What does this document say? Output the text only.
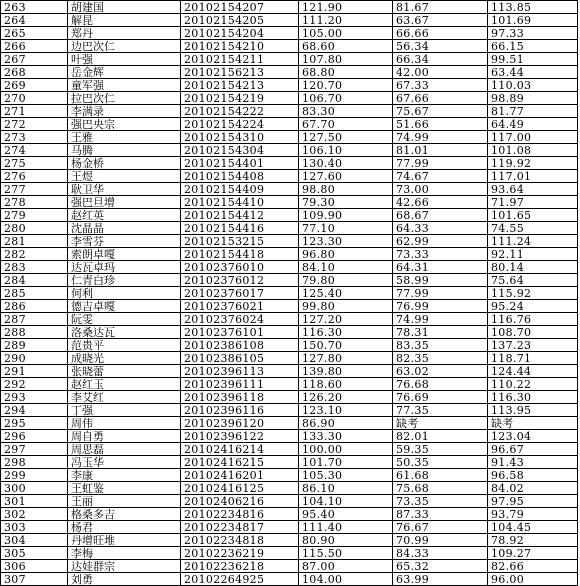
263	胡建国	20102154207	121.90	81.67	113.85
264	解昆	20102154205	111.20	63.67	101.69
265	郑丹	20102154204	105.00	66.66	97.33
266	边巴次仁	20102154210	68.60	56.34	66.15
267	叶强	20102154211	107.80	66.34	99.51
268	岳金辉	20102156213	68.80	42.00	63.44
269	童军强	20102154213	120.70	67.33	110.03
270	拉巴次仁	20102154219	106.70	67.66	98.89
271	李满录	20102154222	83.30	75.67	81.77
272	强巴央宗	20102154224	67.70	51.66	64.49
273	王雅	20102154310	127.50	74.99	117.00
274	马腾	20102154304	106.10	81.01	101.08
275	杨金桥	20102154401	130.40	77.99	119.92
276	王煜	20102154408	127.60	74.67	117.01
277	耿卫华	20102154409	98.80	73.00	93.64
278	强巴旦增	20102154410	79.30	42.66	71.97
279	赵红英	20102154412	109.90	68.67	101.65
280	沈晶晶	20102154416	77.10	64.33	74.55
281	李雪芬	20102153215	123.30	62.99	111.24
282	索朗卓嘎	20102154418	96.80	73.33	92.11
283	达瓦卓玛	20102376010	84.10	64.31	80.14
284	仁青白珍	20102376012	79.80	58.99	75.64
285	何利	20102376017	125.40	77.99	115.92
286	德吉卓嘎	20102376021	99.80	76.99	95.24
287	阮雯	20102376024	127.20	74.99	116.76
288	洛桑达瓦	20102376101	116.30	78.31	108.70
289	范贵平	20102386108	150.70	83.35	137.23
290	成晓光	20102386105	127.80	82.35	118.71
291	张晓蕾	20102396113	139.80	63.02	124.44
292	赵红玉	20102396111	118.60	76.68	110.22
293	李艾红	20102396118	126.20	76.69	116.30
294	丁强	20102396116	123.10	77.35	113.95
295	周伟	20102396120	86.90	缺考	缺考
296	周自勇	20102396122	133.30	82.01	123.04
297	周思磊	20102416214	100.00	59.35	96.67
298	冯玉华	20102416215	101.70	50.35	91.43
299	李康	20102416201	105.30	61.68	96.58
300	王虹鉴	20102416125	86.10	75.68	84.02
301	王丽	20102406216	104.10	73.35	97.95
302	格桑多吉	20102234816	95.40	87.33	93.79
303	杨君	20102234817	111.40	76.67	104.45
304	丹增旺堆	20102234818	80.90	70.99	78.92
305	李梅	20102236219	115.50	84.33	109.27
306	达娃群宗	20102236218	87.00	65.32	82.66
307	刘勇	20102264925	104.00	63.99	96.00
